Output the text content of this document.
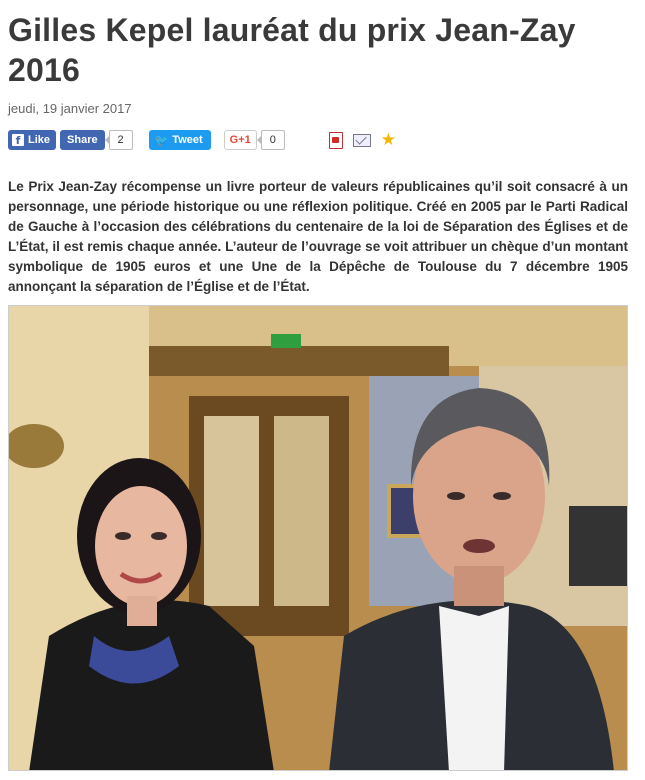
Gilles Kepel lauréat du prix Jean-Zay 2016
jeudi, 19 janvier 2017
f Like Share	2	🐦 Tweet G+1	0	★

Le Prix Jean-Zay récompense un livre porteur de valeurs républicaines qu’il soit consacré à un personnage, une période historique ou une réflexion politique. Créé en 2005 par le Parti Radical de Gauche à l’occasion des célébrations du centenaire de la loi de Séparation des Églises et de L’État, il est remis chaque année. L’auteur de l’ouvrage se voit attribuer un chèque d’un montant symbolique de 1905 euros et une Une de la Dépêche de Toulouse du 7 décembre 1905 annonçant la séparation de l’Église et de l’État.
